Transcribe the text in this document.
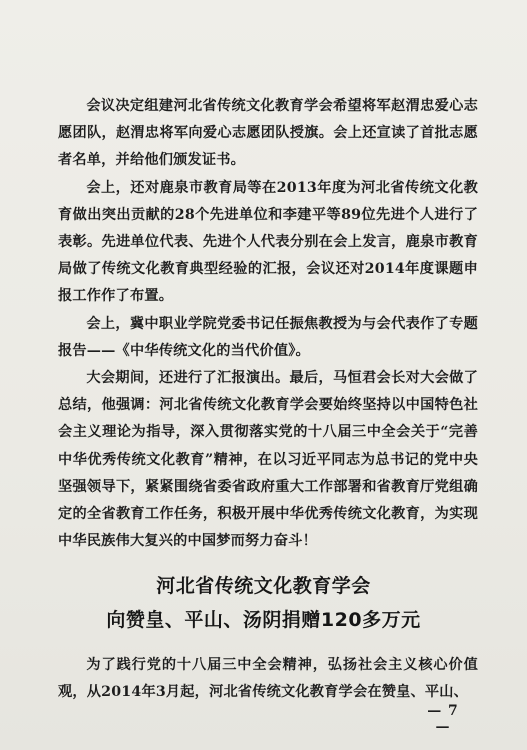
会议决定组建河北省传统文化教育学会希望将军赵渭忠爱心志愿团队，赵渭忠将军向爱心志愿团队授旗。会上还宣读了首批志愿者名单，并给他们颁发证书。

会上，还对鹿泉市教育局等在2013年度为河北省传统文化教育做出突出贡献的28个先进单位和李建平等89位先进个人进行了表彰。先进单位代表、先进个人代表分别在会上发言，鹿泉市教育局做了传统文化教育典型经验的汇报，会议还对2014年度课题申报工作作了布置。

会上，冀中职业学院党委书记任振焦教授为与会代表作了专题报告——《中华传统文化的当代价值》。

大会期间，还进行了汇报演出。最后，马恒君会长对大会做了总结，他强调：河北省传统文化教育学会要始终坚持以中国特色社会主义理论为指导，深入贯彻落实党的十八届三中全会关于“完善中华优秀传统文化教育”精神，在以习近平同志为总书记的党中央坚强领导下，紧紧围绕省委省政府重大工作部署和省教育厅党组确定的全省教育工作任务，积极开展中华优秀传统文化教育，为实现中华民族伟大复兴的中国梦而努力奋斗！

河北省传统文化教育学会
向赞皇、平山、汤阴捐赠120多万元

为了践行党的十八届三中全会精神，弘扬社会主义核心价值观，从2014年3月起，河北省传统文化教育学会在赞皇、平山、

— 7 —
